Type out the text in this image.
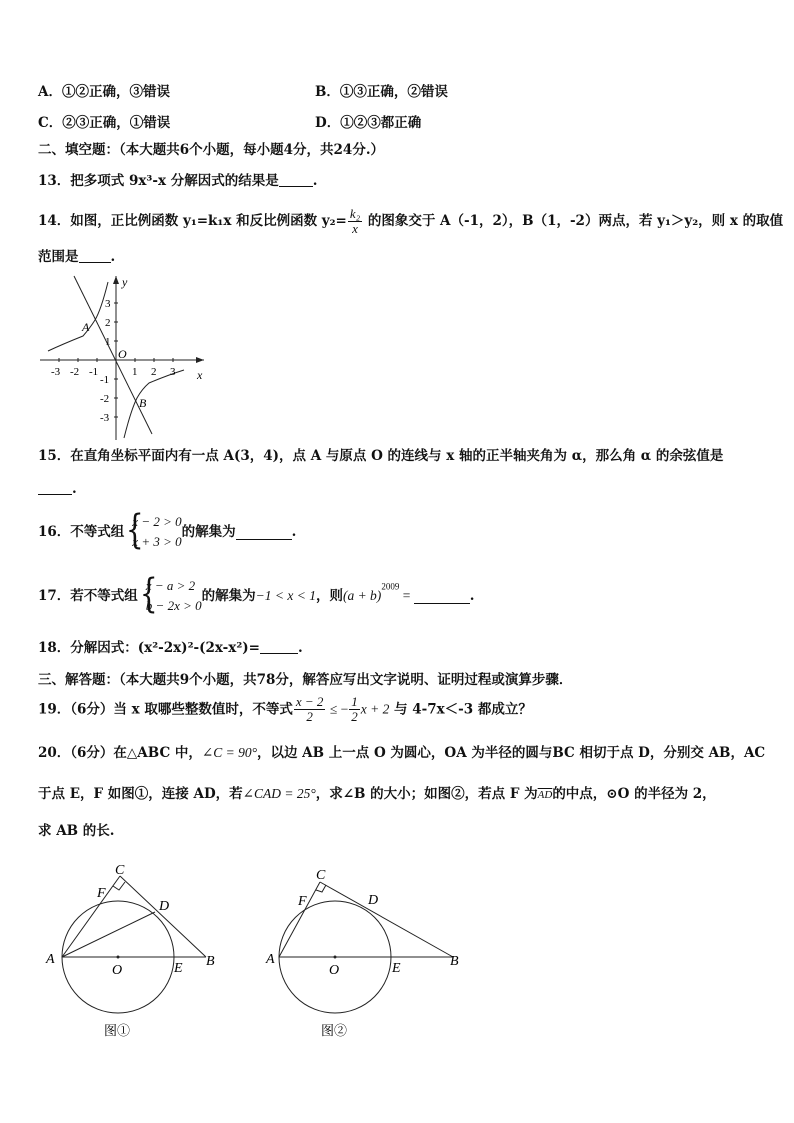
A．①②正确，③错误	B．①③正确，②错误
C．②③正确，①错误	D．①②③都正确
二、填空题：（本大题共6个小题，每小题4分，共24分.）
13．把多项式 9x³-x 分解因式的结果是	.
14．如图，正比例函数 y₁=k₁x 和反比例函数 $y_2= \frac{\text{k₂}}{x}$ 的图象交于 A（-1，2），B（1，-2）两点，若 y₁＞y₂，则 x 的取值
范围是 .
y
x
O
A
B
-3 -2 -1	1 2 3
3
2
1
-1
-2
-3
15．在直角坐标平面内有一点 A(3，4)，点 A 与原点 O 的连线与 x 轴的正半轴夹角为 α，那么角 α 的余弦值是
.
16．不等式组 {
x − 2 > 0
x + 3 > 0
的解集为	.
17．若不等式组 {
x − a > 2
b − 2x > 0
的解集为−1 < x < 1，则$(a + b)^{2009}$ =	.
18．分解因式：(x²-2x)²-(2x-x²)=	.
三、解答题：（本大题共9个小题，共78分，解答应写出文字说明、证明过程或演算步骤．
19．（6分）当 x 取哪些整数值时，不等式 $\frac{x - 2}{2}$ ≤ − $\frac{1}{2}$ x + 2 与 4-7x＜-3 都成立？
20．（6分）在△ABC 中，∠C = 90°，以边 AB 上一点 O 为圆心，OA 为半径的圆与BC 相切于点 D，分别交 AB，AC
于点 E，F 如图①，连接 AD，若∠CAD = 25°，求∠B 的大小；如图②，若点 F 为$\overline{AD}$的中点，⊙O 的半径为 2，
求 AB 的长.
A
O	E B
C
F
D
图①
A
O	E	B
C
F	D
图②
